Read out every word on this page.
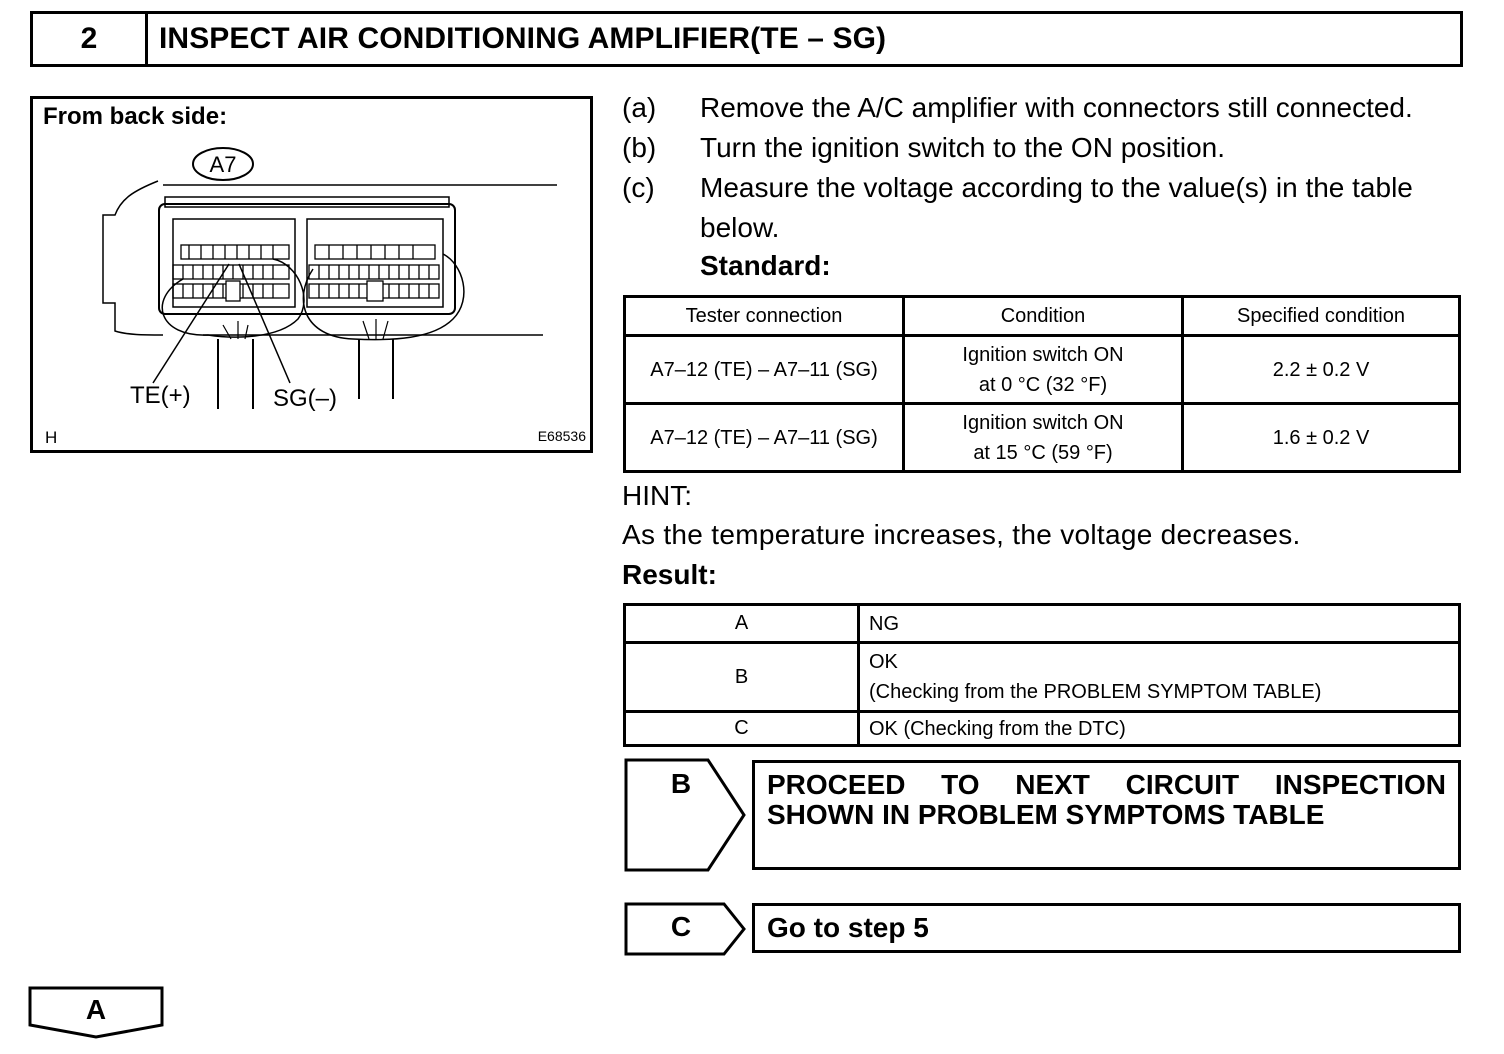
2	INSPECT AIR CONDITIONING AMPLIFIER(TE – SG)
A7
TE(+)	SG(–)
From back side:
H	E68536
(a) Remove the A/C amplifier with connectors still connected.
(b) Turn the ignition switch to the ON position.
(c) Measure the voltage according to the value(s) in the table
below.
Standard:
Tester connection	Condition	Specified condition
A7–12 (TE) – A7–11 (SG)	Ignition switch ON
at 0 °C (32 °F)	2.2 ± 0.2 V
A7–12 (TE) – A7–11 (SG)	Ignition switch ON
at 15 °C (59 °F)	1.6 ± 0.2 V
HINT:
As the temperature increases, the voltage decreases.
Result:
A	NG
B	OK
(Checking from the PROBLEM SYMPTOM TABLE)

C	OK (Checking from the DTC)
B	PROCEED TO NEXT CIRCUIT INSPECTION
SHOWN IN PROBLEM SYMPTOMS TABLE
C	Go to step 5
A
